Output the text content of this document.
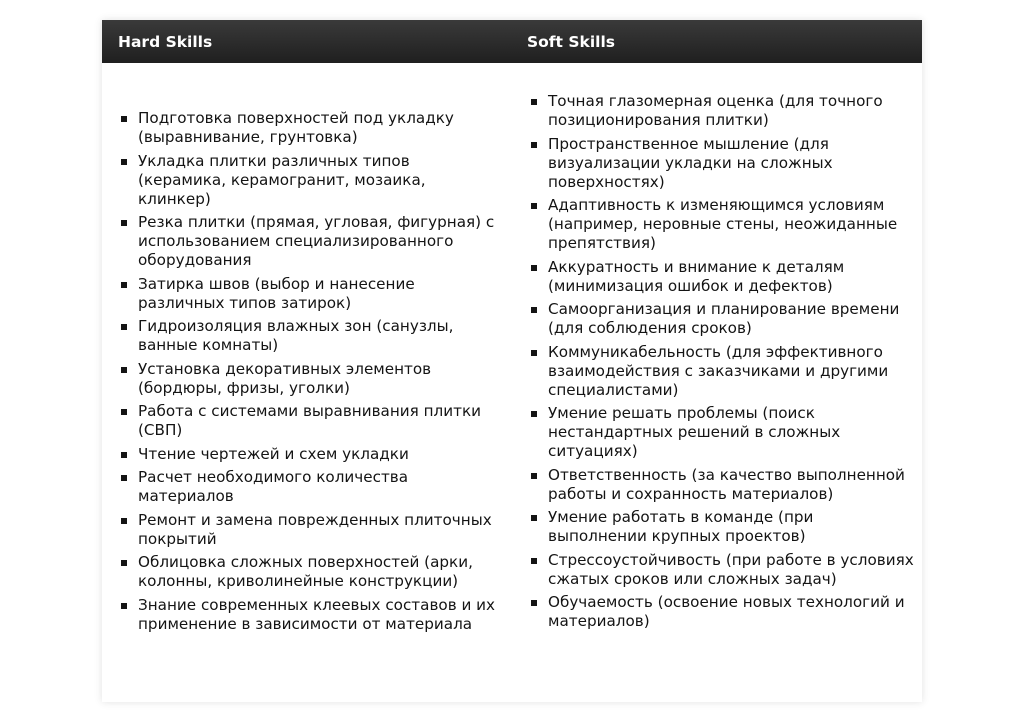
Hard Skills	Soft Skills
Подготовка поверхностей под укладку (выравнивание, грунтовка)
Укладка плитки различных типов (керамика, керамогранит, мозаика, клинкер)
Резка плитки (прямая, угловая, фигурная) с использованием специализированного оборудования
Затирка швов (выбор и нанесение различных типов затирок)
Гидроизоляция влажных зон (санузлы, ванные комнаты)
Установка декоративных элементов (бордюры, фризы, уголки)
Работа с системами выравнивания плитки (СВП)
Чтение чертежей и схем укладки
Расчет необходимого количества материалов
Ремонт и замена поврежденных плиточных покрытий
Облицовка сложных поверхностей (арки, колонны, криволинейные конструкции)
Знание современных клеевых составов и их применение в зависимости от материала
Точная глазомерная оценка (для точного позиционирования плитки)
Пространственное мышление (для визуализации укладки на сложных поверхностях)
Адаптивность к изменяющимся условиям (например, неровные стены, неожиданные препятствия)
Аккуратность и внимание к деталям (минимизация ошибок и дефектов)
Самоорганизация и планирование времени (для соблюдения сроков)
Коммуникабельность (для эффективного взаимодействия с заказчиками и другими специалистами)
Умение решать проблемы (поиск нестандартных решений в сложных ситуациях)
Ответственность (за качество выполненной работы и сохранность материалов)
Умение работать в команде (при выполнении крупных проектов)
Стрессоустойчивость (при работе в условиях сжатых сроков или сложных задач)
Обучаемость (освоение новых технологий и материалов)
